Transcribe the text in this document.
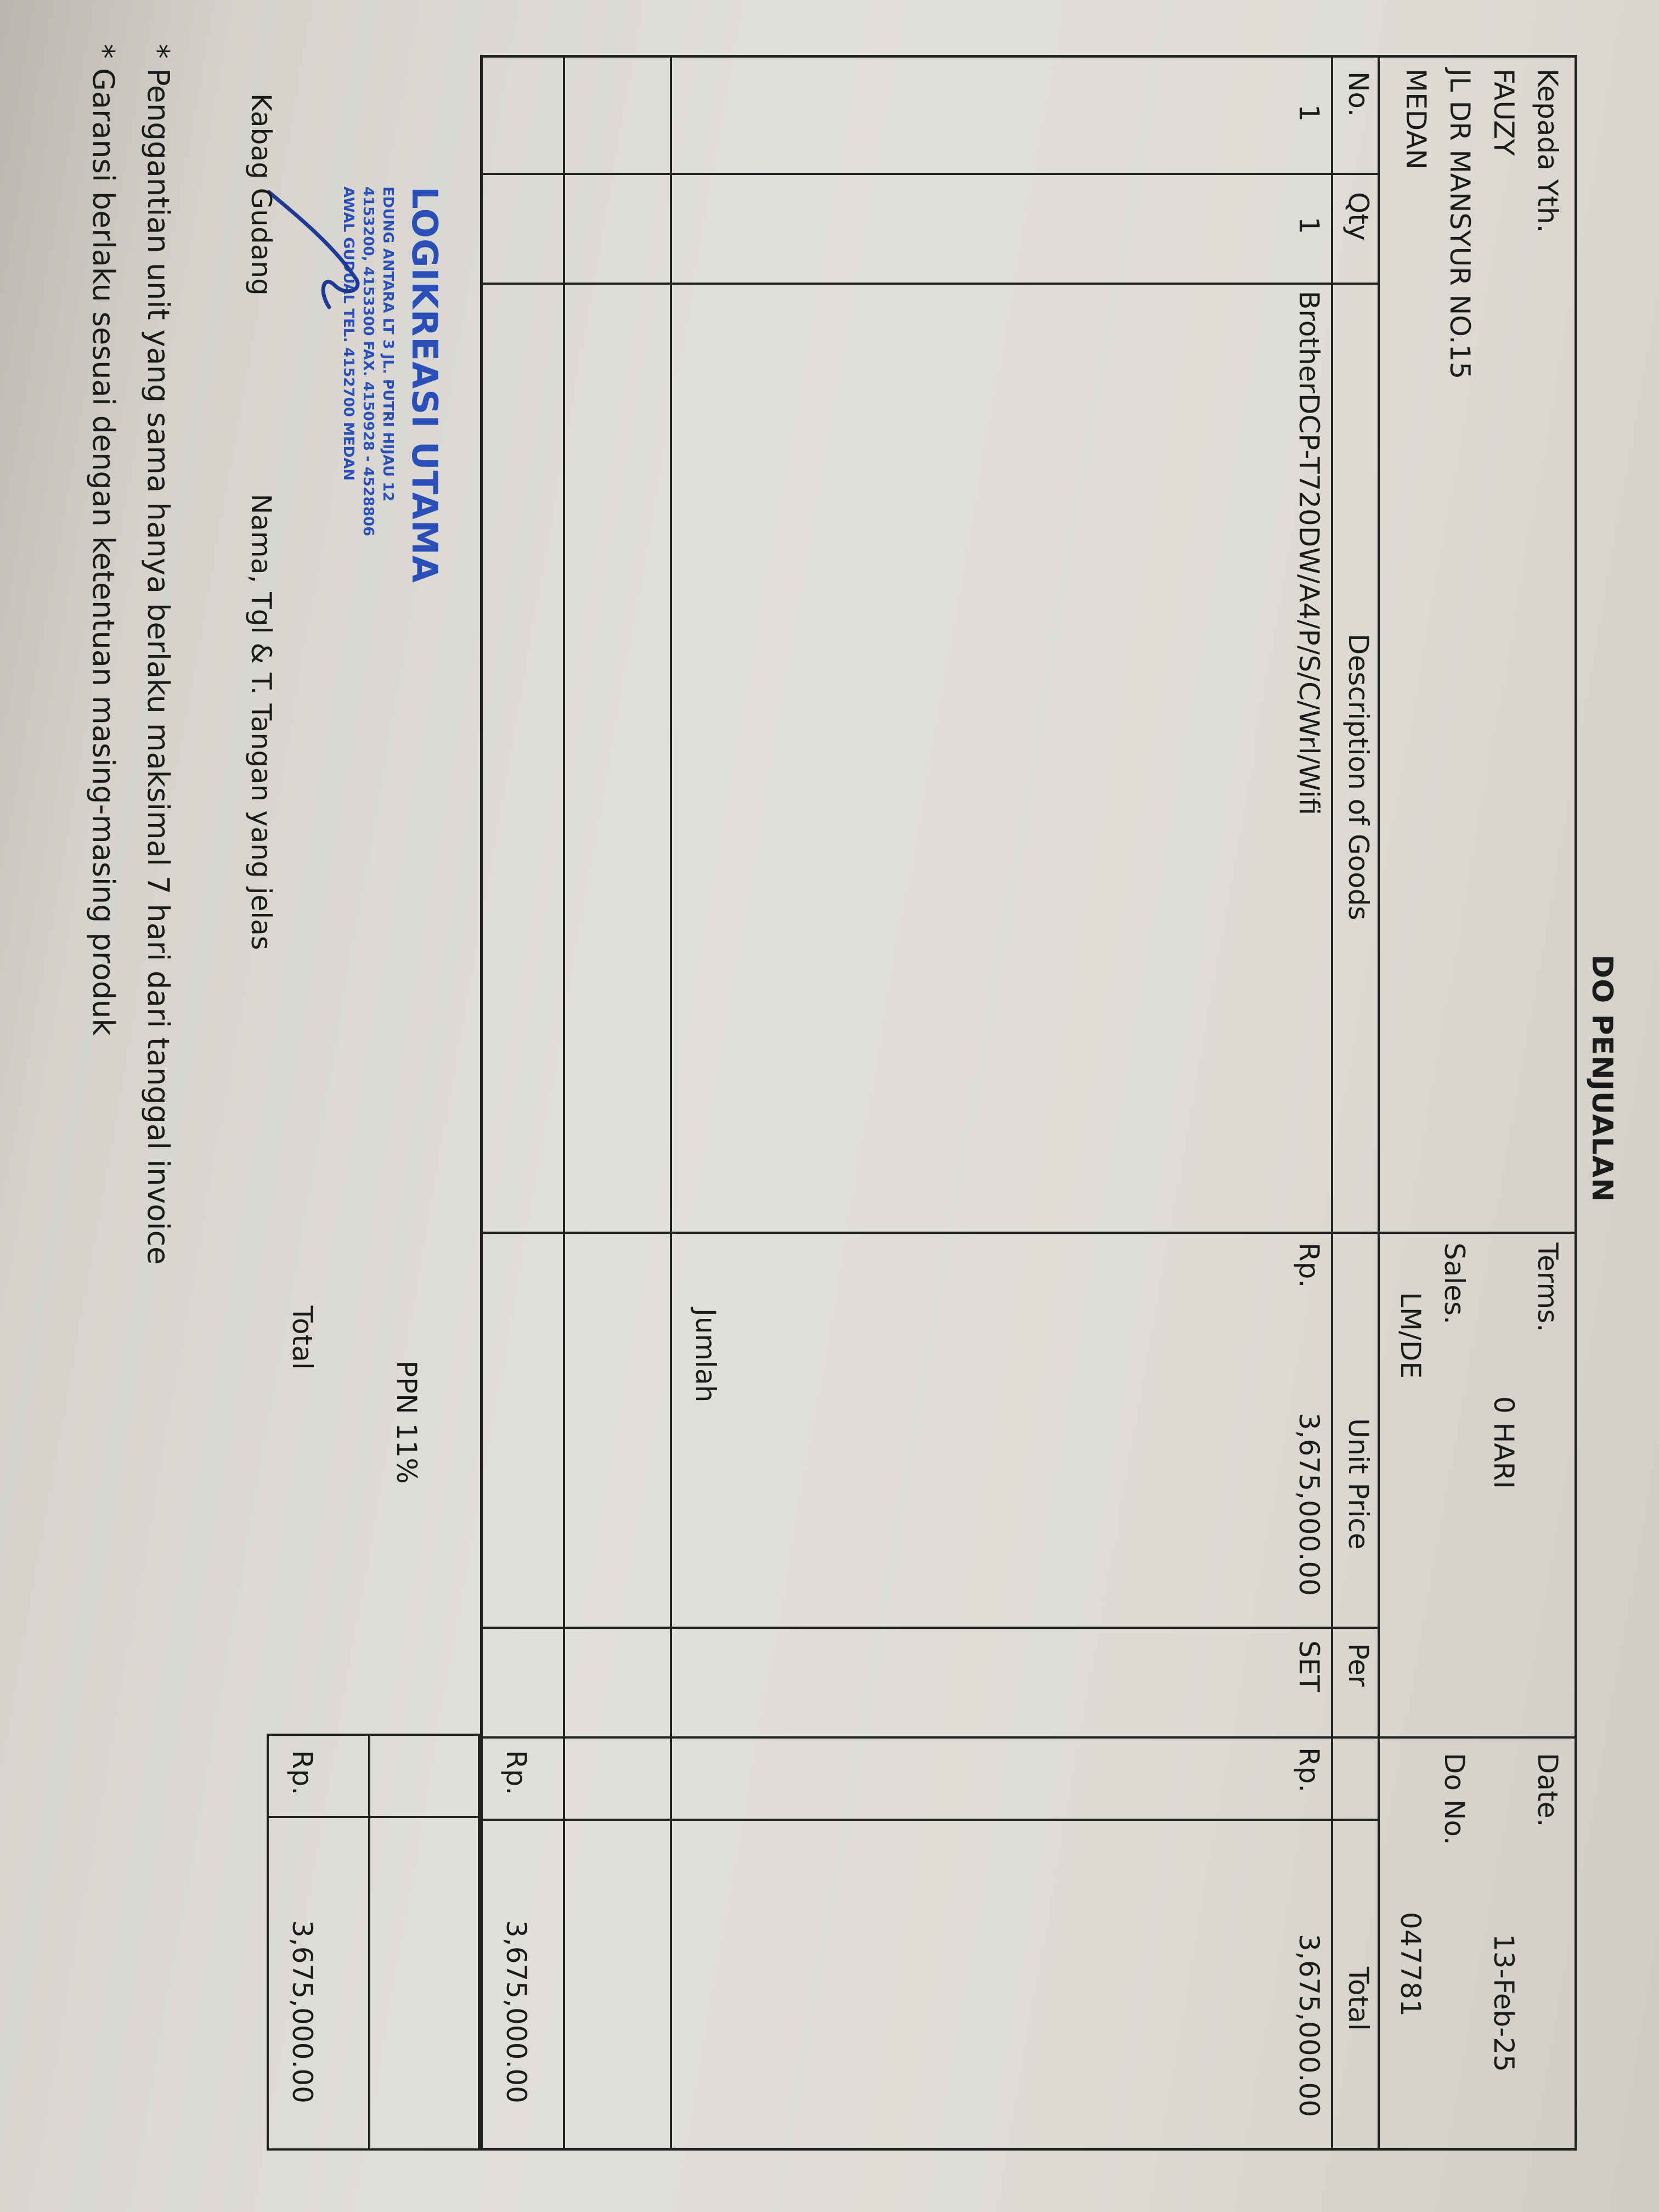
DO PENJUALAN
Kepada Yth.
FAUZY
JL DR MANSYUR NO.15
MEDAN
Terms.
0 HARI
Sales.
LM/DE
Date.
13-Feb-25
Do No.
047781
No.
Qty
Description of Goods
Unit Price
Per
Total
1
1
BrotherDCP-T720DW/A4/P/S/C/Wrl/Wifi
Rp.
3,675,000.00
SET
Rp.
3,675,000.00
Jumlah
Rp.
3,675,000.00
PPN 11%
Total
Rp.
3,675,000.00
LOGIKREASI UTAMA
EDUNG ANTARA LT 3 JL. PUTRI HIJAU 12
4153200, 4153300 FAX. 4150928 - 4528806
AWAL GUDUAL TEL. 4152700 MEDAN
Kabag Gudang
Nama, Tgl & T. Tangan yang jelas
* Penggantian unit yang sama hanya berlaku maksimal 7 hari dari tanggal invoice
* Garansi berlaku sesuai dengan ketentuan masing-masing produk
